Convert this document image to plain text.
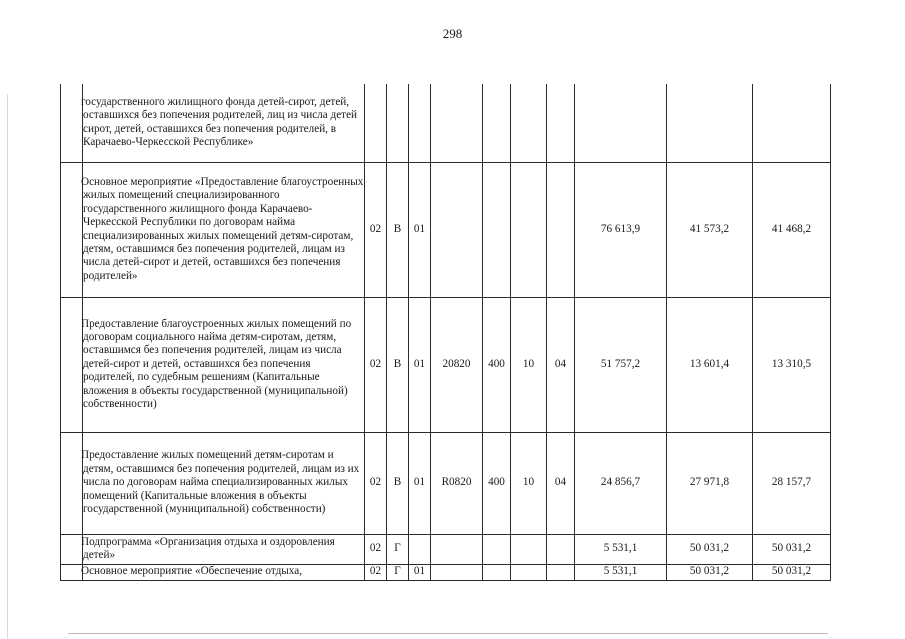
298
	государственного жилищного фонда детей-сирот, детей, оставшихся без попечения родителей, лиц из числа детей сирот, детей, оставшихся без попечения родителей, в Карачаево-Черкесской Республике»										
	Основное мероприятие «Предоставление благоустроенных жилых помещений специализированного государственного жилищного фонда Карачаево-Черкесской Республики по договорам найма специализированных жилых помещений детям-сиротам, детям, оставшимся без попечения родителей, лицам из числа детей-сирот и детей, оставшихся без попечения родителей»	02	В	01					76 613,9	41 573,2	41 468,2
	Предоставление благоустроенных жилых помещений по договорам социального найма детям-сиротам, детям, оставшимся без попечения родителей, лицам из числа детей-сирот и детей, оставшихся без попечения родителей, по судебным решениям (Капитальные вложения в объекты государственной (муниципальной) собственности)	02	В	01	20820	400	10	04	51 757,2	13 601,4	13 310,5
	Предоставление жилых помещений детям-сиротам и детям, оставшимся без попечения родителей, лицам из их числа по договорам найма специализированных жилых помещений (Капитальные вложения в объекты государственной (муниципальной) собственности)	02	В	01	R0820	400	10	04	24 856,7	27 971,8	28 157,7
	Подпрограмма «Организация отдыха и оздоровления детей»	02	Г						5 531,1	50 031,2	50 031,2
	Основное мероприятие «Обеспечение отдыха,	02	Г	01					5 531,1	50 031,2	50 031,2
